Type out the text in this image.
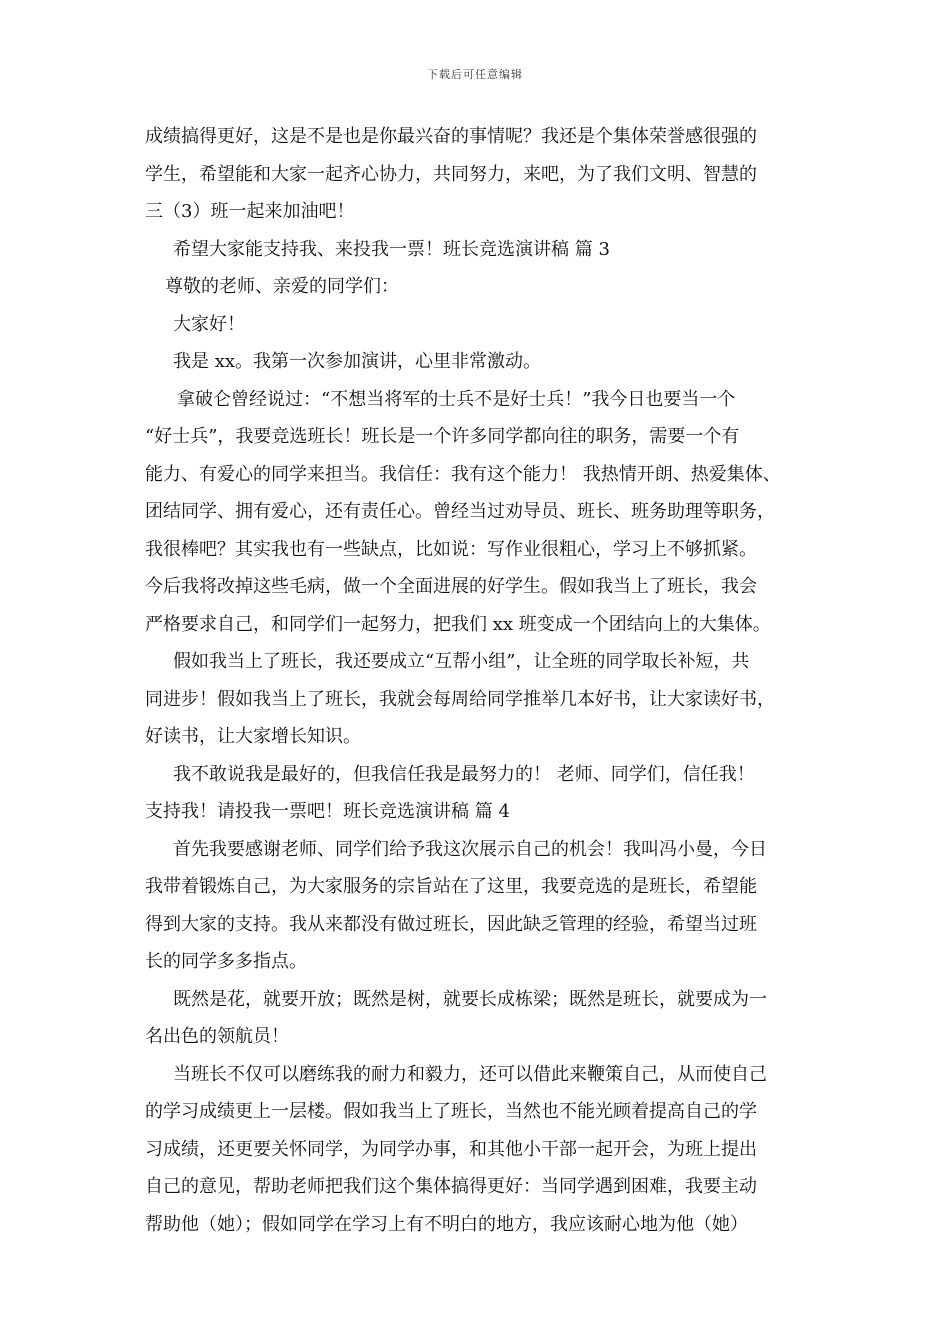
下载后可任意编辑
成绩搞得更好，这是不是也是你最兴奋的事情呢？我还是个集体荣誉感很强的
学生，希望能和大家一起齐心协力，共同努力，来吧，为了我们文明、智慧的
三（3）班一起来加油吧！
希望大家能支持我、来投我一票！班长竞选演讲稿 篇 3
尊敬的老师、亲爱的同学们：
大家好！
我是 xx。我第一次参加演讲，心里非常激动。
拿破仑曾经说过：“不想当将军的士兵不是好士兵！”我今日也要当一个
“好士兵”，我要竞选班长！班长是一个许多同学都向往的职务，需要一个有
能力、有爱心的同学来担当。我信任：我有这个能力！ 我热情开朗、热爱集体、
团结同学、拥有爱心，还有责任心。曾经当过劝导员、班长、班务助理等职务，
我很棒吧？其实我也有一些缺点，比如说：写作业很粗心，学习上不够抓紧。
今后我将改掉这些毛病，做一个全面进展的好学生。假如我当上了班长，我会
严格要求自己，和同学们一起努力，把我们 xx 班变成一个团结向上的大集体。
假如我当上了班长，我还要成立“互帮小组”，让全班的同学取长补短，共
同进步！假如我当上了班长，我就会每周给同学推举几本好书，让大家读好书，
好读书，让大家增长知识。
我不敢说我是最好的，但我信任我是最努力的！ 老师、同学们，信任我！
支持我！请投我一票吧！班长竞选演讲稿 篇 4
首先我要感谢老师、同学们给予我这次展示自己的机会！我叫冯小曼，今日
我带着锻炼自己，为大家服务的宗旨站在了这里，我要竞选的是班长，希望能
得到大家的支持。我从来都没有做过班长，因此缺乏管理的经验，希望当过班
长的同学多多指点。
既然是花，就要开放；既然是树，就要长成栋梁；既然是班长，就要成为一
名出色的领航员！
当班长不仅可以磨练我的耐力和毅力，还可以借此来鞭策自己，从而使自己
的学习成绩更上一层楼。假如我当上了班长，当然也不能光顾着提高自己的学
习成绩，还更要关怀同学，为同学办事，和其他小干部一起开会，为班上提出
自己的意见，帮助老师把我们这个集体搞得更好：当同学遇到困难，我要主动
帮助他（她）；假如同学在学习上有不明白的地方，我应该耐心地为他（她）
